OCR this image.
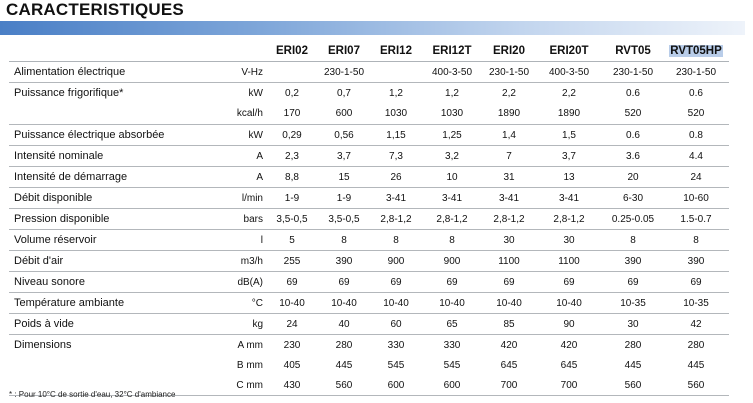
CARACTERISTIQUES
		ERI02	ERI07	ERI12	ERI12T	ERI20	ERI20T	RVT05	RVT05HP
Alimentation électrique	V-Hz	230-1-50			400-3-50	230-1-50	400-3-50	230-1-50	230-1-50
Puissance frigorifique*	kW	0,2	0,7	1,2	1,2	2,2	2,2	0.6	0.6
	kcal/h	170	600	1030	1030	1890	1890	520	520
Puissance électrique absorbée	kW	0,29	0,56	1,15	1,25	1,4	1,5	0.6	0.8
Intensité nominale	A	2,3	3,7	7,3	3,2	7	3,7	3.6	4.4
Intensité de démarrage	A	8,8	15	26	10	31	13	20	24
Débit disponible	l/min	1-9	1-9	3-41	3-41	3-41	3-41	6-30	10-60
Pression disponible	bars	3,5-0,5	3,5-0,5	2,8-1,2	2,8-1,2	2,8-1,2	2,8-1,2	0.25-0.05	1.5-0.7
Volume réservoir	l	5	8	8	8	30	30	8	8
Débit d'air	m3/h	255	390	900	900	1100	1100	390	390
Niveau sonore	dB(A)	69	69	69	69	69	69	69	69
Température ambiante	°C	10-40	10-40	10-40	10-40	10-40	10-40	10-35	10-35
Poids à vide	kg	24	40	60	65	85	90	30	42
Dimensions	A mm	230	280	330	330	420	420	280	280
	B mm	405	445	545	545	645	645	445	445
	C mm	430	560	600	600	700	700	560	560
* : Pour 10°C de sortie d'eau, 32°C d'ambiance
